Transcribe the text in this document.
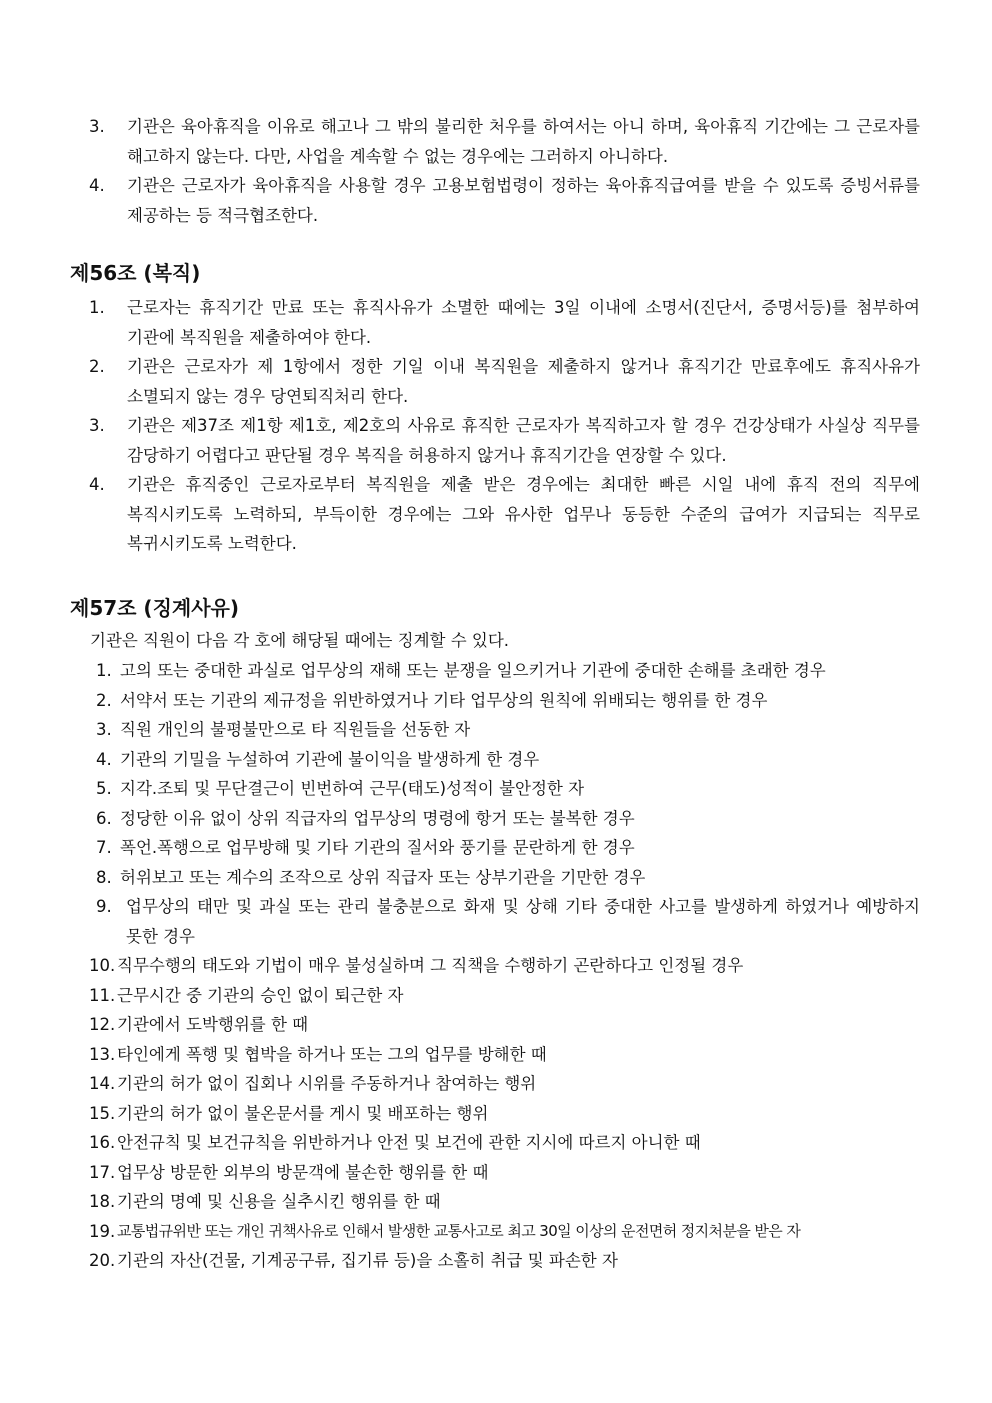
3. 기관은 육아휴직을 이유로 해고나 그 밖의 불리한 처우를 하여서는 아니 하며, 육아휴직 기간에는 그 근로자를 해고하지 않는다. 다만, 사업을 계속할 수 없는 경우에는 그러하지 아니하다.
4. 기관은 근로자가 육아휴직을 사용할 경우 고용보험법령이 정하는 육아휴직급여를 받을 수 있도록 증빙서류를 제공하는 등 적극협조한다.
제56조 (복직)
1. 근로자는 휴직기간 만료 또는 휴직사유가 소멸한 때에는 3일 이내에 소명서(진단서, 증명서등)를 첨부하여 기관에 복직원을 제출하여야 한다.
2. 기관은 근로자가 제 1항에서 정한 기일 이내 복직원을 제출하지 않거나 휴직기간 만료후에도 휴직사유가 소멸되지 않는 경우 당연퇴직처리 한다.
3. 기관은 제37조 제1항 제1호, 제2호의 사유로 휴직한 근로자가 복직하고자 할 경우 건강상태가 사실상 직무를 감당하기 어렵다고 판단될 경우 복직을 허용하지 않거나 휴직기간을 연장할 수 있다.
4. 기관은 휴직중인 근로자로부터 복직원을 제출 받은 경우에는 최대한 빠른 시일 내에 휴직 전의 직무에 복직시키도록 노력하되, 부득이한 경우에는 그와 유사한 업무나 동등한 수준의 급여가 지급되는 직무로 복귀시키도록 노력한다.
제57조 (징계사유)

기관은 직원이 다음 각 호에 해당될 때에는 징계할 수 있다.

1. 고의 또는 중대한 과실로 업무상의 재해 또는 분쟁을 일으키거나 기관에 중대한 손해를 초래한 경우
2. 서약서 또는 기관의 제규정을 위반하였거나 기타 업무상의 원칙에 위배되는 행위를 한 경우
3. 직원 개인의 불평불만으로 타 직원들을 선동한 자
4. 기관의 기밀을 누설하여 기관에 불이익을 발생하게 한 경우
5. 지각.조퇴 및 무단결근이 빈번하여 근무(태도)성적이 불안정한 자
6. 정당한 이유 없이 상위 직급자의 업무상의 명령에 항거 또는 불복한 경우
7. 폭언.폭행으로 업무방해 및 기타 기관의 질서와 풍기를 문란하게 한 경우
8. 허위보고 또는 계수의 조작으로 상위 직급자 또는 상부기관을 기만한 경우
9. 업무상의 태만 및 과실 또는 관리 불충분으로 화재 및 상해 기타 중대한 사고를 발생하게 하였거나 예방하지 못한 경우
10. 직무수행의 태도와 기법이 매우 불성실하며 그 직책을 수행하기 곤란하다고 인정될 경우
11. 근무시간 중 기관의 승인 없이 퇴근한 자
12. 기관에서 도박행위를 한 때
13. 타인에게 폭행 및 협박을 하거나 또는 그의 업무를 방해한 때
14. 기관의 허가 없이 집회나 시위를 주동하거나 참여하는 행위
15. 기관의 허가 없이 불온문서를 게시 및 배포하는 행위
16. 안전규칙 및 보건규칙을 위반하거나 안전 및 보건에 관한 지시에 따르지 아니한 때
17. 업무상 방문한 외부의 방문객에 불손한 행위를 한 때
18. 기관의 명예 및 신용을 실추시킨 행위를 한 때
19. 교통법규위반 또는 개인 귀책사유로 인해서 발생한 교통사고로 최고 30일 이상의 운전면허 정지처분을 받은 자
20. 기관의 자산(건물, 기계공구류, 집기류 등)을 소홀히 취급 및 파손한 자
